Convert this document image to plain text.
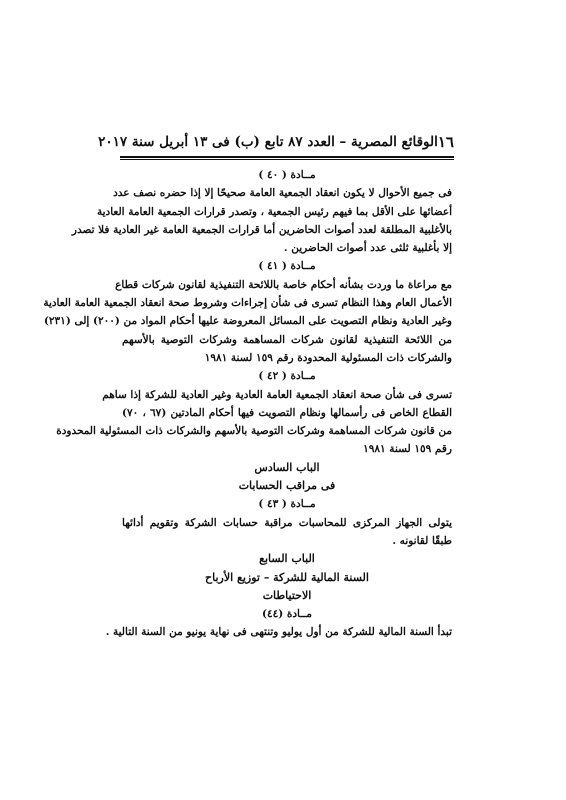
١٦
الوقائع المصرية – العدد ٨٧ تابع (ب) فى ١٣ أبريل سنة ٢٠١٧
مــادة ( ٤٠ )

فى جميع الأحوال لا يكون انعقاد الجمعية العامة صحيحًا إلا إذا حضره نصف عدد

أعضائها على الأقل بما فيهم رئيس الجمعية ، وتصدر قرارات الجمعية العامة العادية

بالأغلبية المطلقة لعدد أصوات الحاضرين أما قرارات الجمعية العامة غير العادية فلا تصدر

إلا بأغلبية ثلثى عدد أصوات الحاضرين .

مــادة ( ٤١ )

مع مراعاة ما وردت بشأنه أحكام خاصة باللائحة التنفيذية لقانون شركات قطاع

الأعمال العام وهذا النظام تسرى فى شأن إجراءات وشروط صحة انعقاد الجمعية العامة العادية

وغير العادية ونظام التصويت على المسائل المعروضة عليها أحكام المواد من (٢٠٠) إلى (٢٣١)

من اللائحة التنفيذية لقانون شركات المساهمة وشركات التوصية بالأسهم

والشركات ذات المسئولية المحدودة رقم ١٥٩ لسنة ١٩٨١

مــادة ( ٤٢ )

تسرى فى شأن صحة انعقاد الجمعية العامة العادية وغير العادية للشركة إذا ساهم

القطاع الخاص فى رأسمالها ونظام التصويت فيها أحكام المادتين (٦٧ ، ٧٠)

من قانون شركات المساهمة وشركات التوصية بالأسهم والشركات ذات المسئولية المحدودة

رقم ١٥٩ لسنة ١٩٨١

الباب السادس
فى مراقب الحسابات
مــادة ( ٤٣ )

يتولى الجهاز المركزى للمحاسبات مراقبة حسابات الشركة وتقويم أدائها

طبقًا لقانونه .

الباب السابع
السنة المالية للشركة – توزيع الأرباح
الاحتياطات
مــادة (٤٤)

تبدأ السنة المالية للشركة من أول يوليو وتنتهى فى نهاية يونيو من السنة التالية .
